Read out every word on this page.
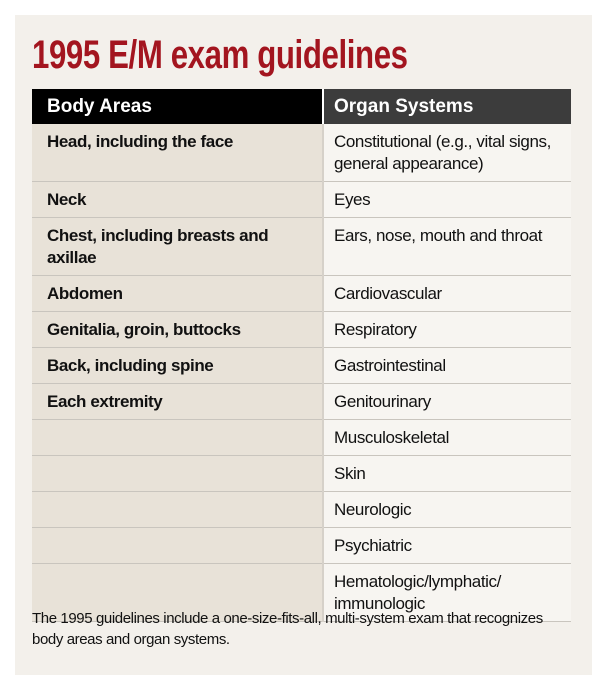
1995 E/M exam guidelines
Body Areas	Organ Systems
Head, including the face	Constitutional (e.g., vital signs, general appearance)
Neck	Eyes
Chest, including breasts and axillae	Ears, nose, mouth and throat
Abdomen	Cardiovascular
Genitalia, groin, buttocks	Respiratory
Back, including spine	Gastrointestinal
Each extremity	Genitourinary
	Musculoskeletal
	Skin
	Neurologic
	Psychiatric
	Hematologic/lymphatic/ immunologic
The 1995 guidelines include a one-size-fits-all, multi-system exam that recognizes body areas and organ systems.
